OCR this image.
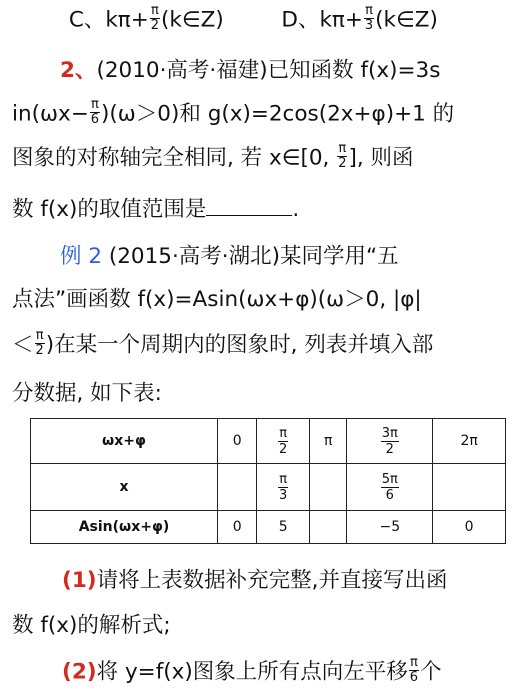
C、$k\pi+ \frac{\pi}{2}$ (k∈Z)	D、$k\pi+ \frac{\pi}{3}$ (k∈Z)
2、(2010·高考·福建)已知函数 f(x)=3s
$in(\omega x- \frac{\pi}{6} )(\omega>0)$和 g(x)=2cos(2x+φ)+1 的
图象的对称轴完全相同, 若 x∈[0, $\frac{\pi}{2}$ ], 则函
数 f(x)的取值范围是	.
例 2 (2015·高考·湖北)某同学用“五
点法”画函数 f(x)=Asin(ωx+φ)(ω＞0, |φ|
＜ $\frac{\pi}{2}$ )在某一个周期内的图象时, 列表并填入部
分数据, 如下表:
ωx+φ	0	$\frac{\pi}{2}$	π	$\frac{3\pi}{2}$	2π
x		$\frac{\pi}{3}$		$\frac{5\pi}{6}$

Asin(ωx+φ)	0	5		−5	0
(1)请将上表数据补充完整,并直接写出函
数 f(x)的解析式;
(2)将 y=f(x)图象上所有点向左平移 $\frac{\pi}{6}$ 个
